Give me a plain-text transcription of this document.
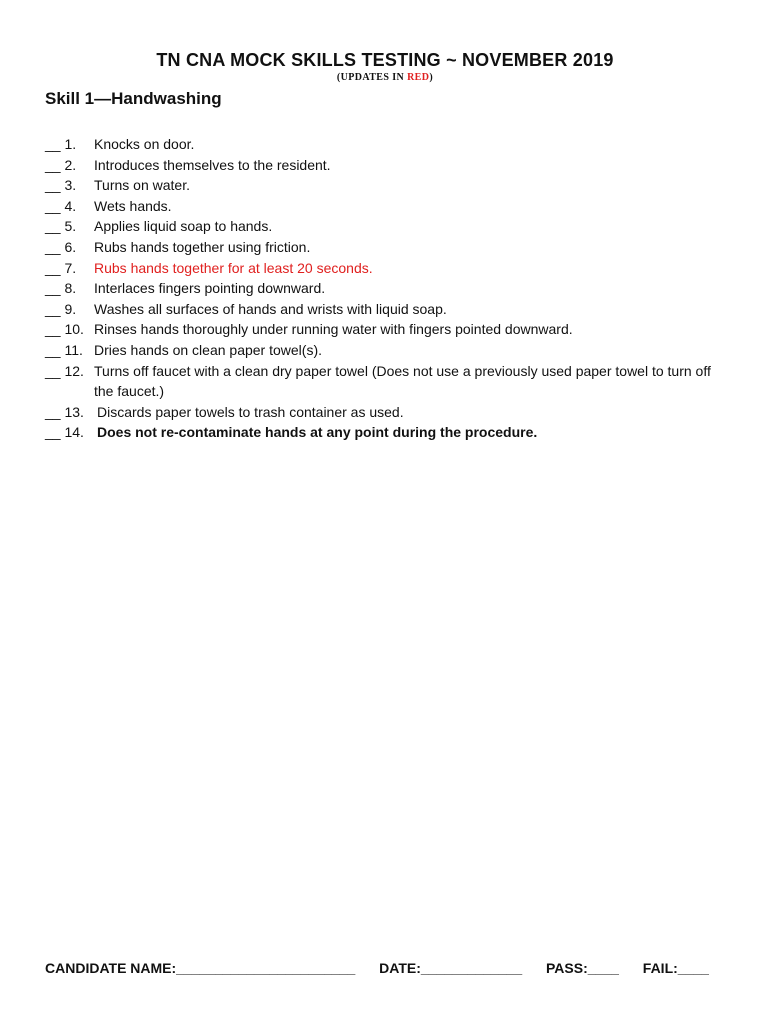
TN CNA MOCK SKILLS TESTING ~ NOVEMBER 2019
(UPDATES IN RED)
Skill 1—Handwashing
__ 1.	Knocks on door.
__ 2.	Introduces themselves to the resident.
__ 3.	Turns on water.
__ 4.	Wets hands.
__ 5.	Applies liquid soap to hands.
__ 6.	Rubs hands together using friction.
__ 7.	Rubs hands together for at least 20 seconds.
__ 8.	Interlaces fingers pointing downward.
__ 9.	Washes all surfaces of hands and wrists with liquid soap.
__ 10. Rinses hands thoroughly under running water with fingers pointed downward.
__ 11. Dries hands on clean paper towel(s).
__ 12. Turns off faucet with a clean dry paper towel (Does not use a previously used paper towel to turn off the faucet.)
__ 13. Discards paper towels to trash container as used.
__ 14. Does not re-contaminate hands at any point during the procedure.
CANDIDATE NAME:_______________________ DATE:_____________ PASS:____ FAIL:____
